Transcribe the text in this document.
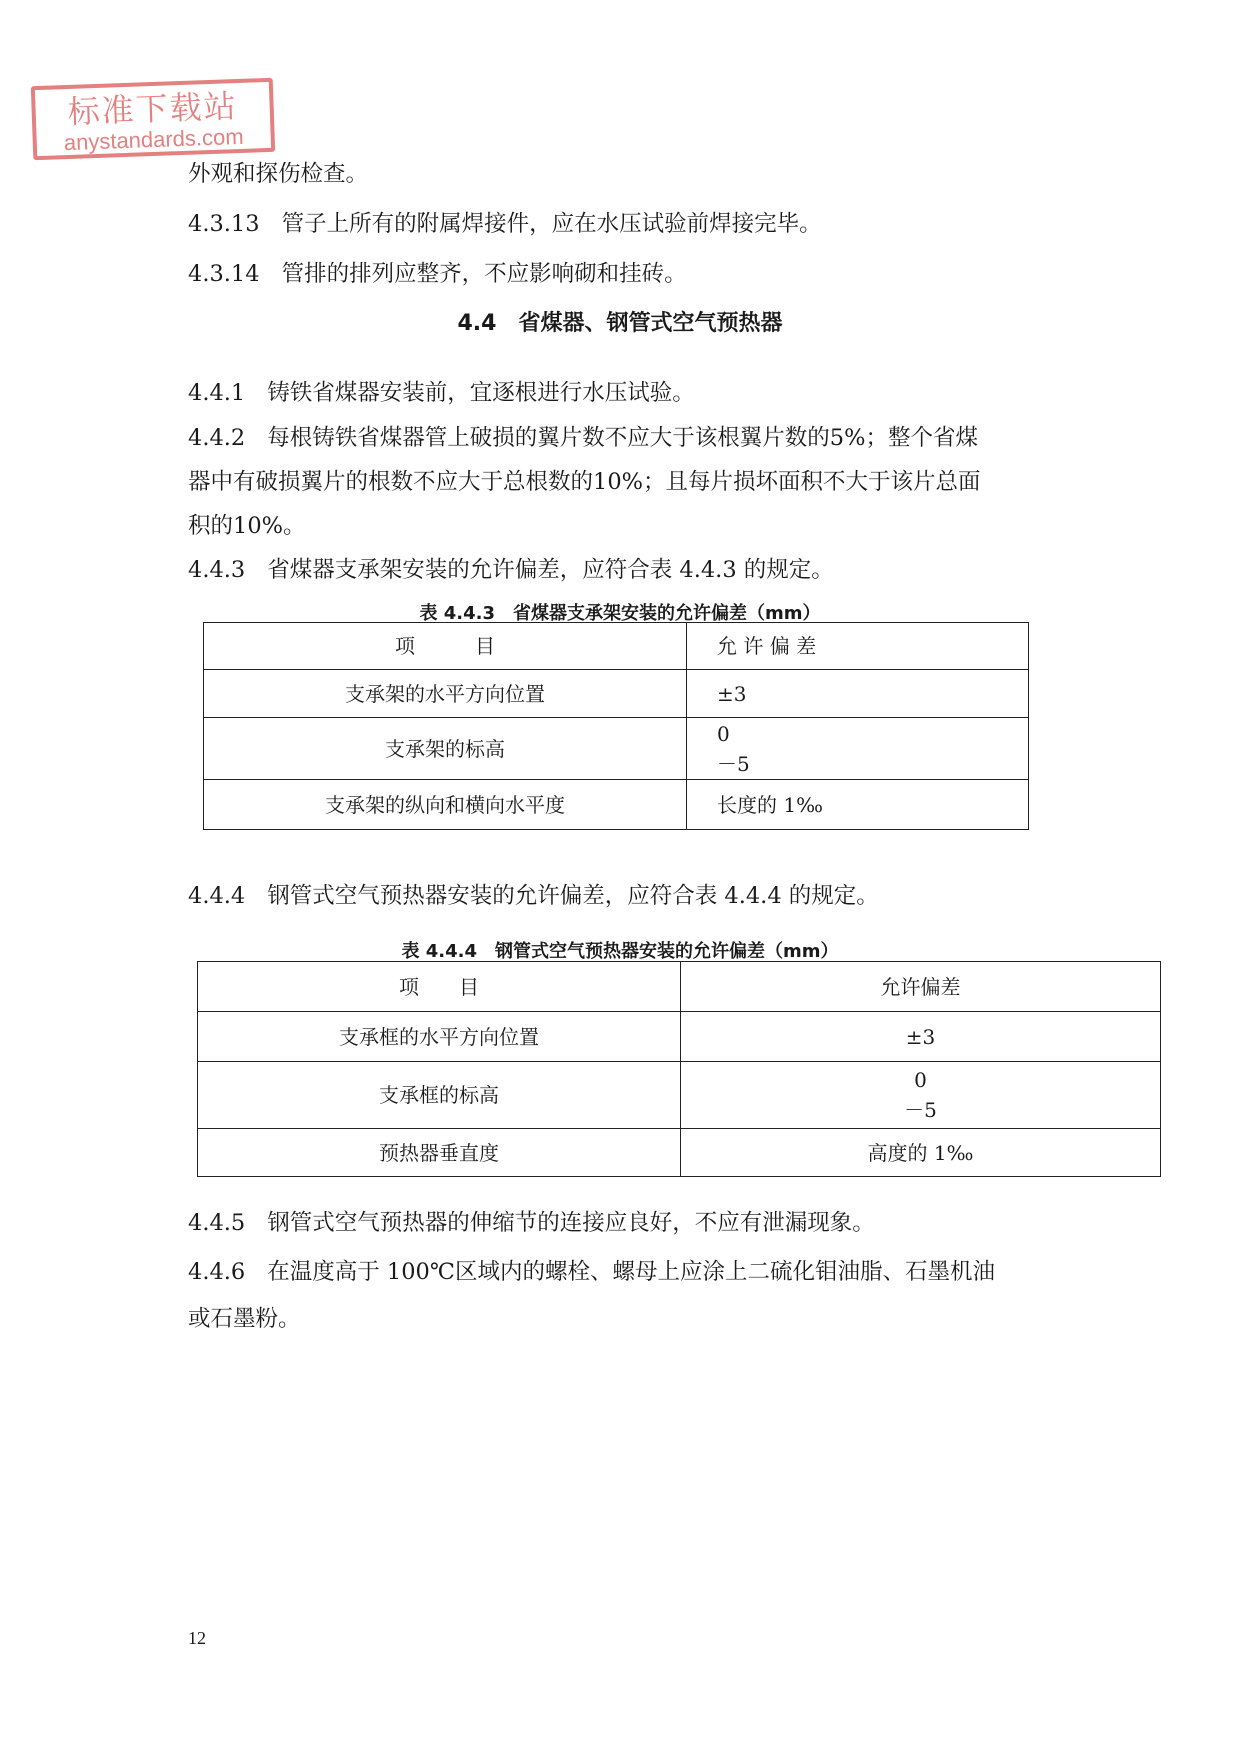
标准下载站
anystandards.com
外观和探伤检查。
4.3.13 管子上所有的附属焊接件，应在水压试验前焊接完毕。
4.3.14 管排的排列应整齐，不应影响砌和挂砖。
4.4　省煤器、钢管式空气预热器
4.4.1 铸铁省煤器安装前，宜逐根进行水压试验。
4.4.2 每根铸铁省煤器管上破损的翼片数不应大于该根翼片数的5%；整个省煤
器中有破损翼片的根数不应大于总根数的10%；且每片损坏面积不大于该片总面
积的10%。
4.4.3 省煤器支承架安装的允许偏差，应符合表 4.4.3 的规定。
表 4.4.3　省煤器支承架安装的允许偏差（mm）
项　　　目	允 许 偏 差
支承架的水平方向位置	±3
支承架的标高	0
－5

支承架的纵向和横向水平度	长度的 1‰
4.4.4 钢管式空气预热器安装的允许偏差，应符合表 4.4.4 的规定。
表 4.4.4　钢管式空气预热器安装的允许偏差（mm）
项　　目	允许偏差
支承框的水平方向位置	±3
支承框的标高	0
－5

预热器垂直度	高度的 1‰
4.4.5 钢管式空气预热器的伸缩节的连接应良好，不应有泄漏现象。
4.4.6 在温度高于 100℃区域内的螺栓、螺母上应涂上二硫化钼油脂、石墨机油
或石墨粉。
12
